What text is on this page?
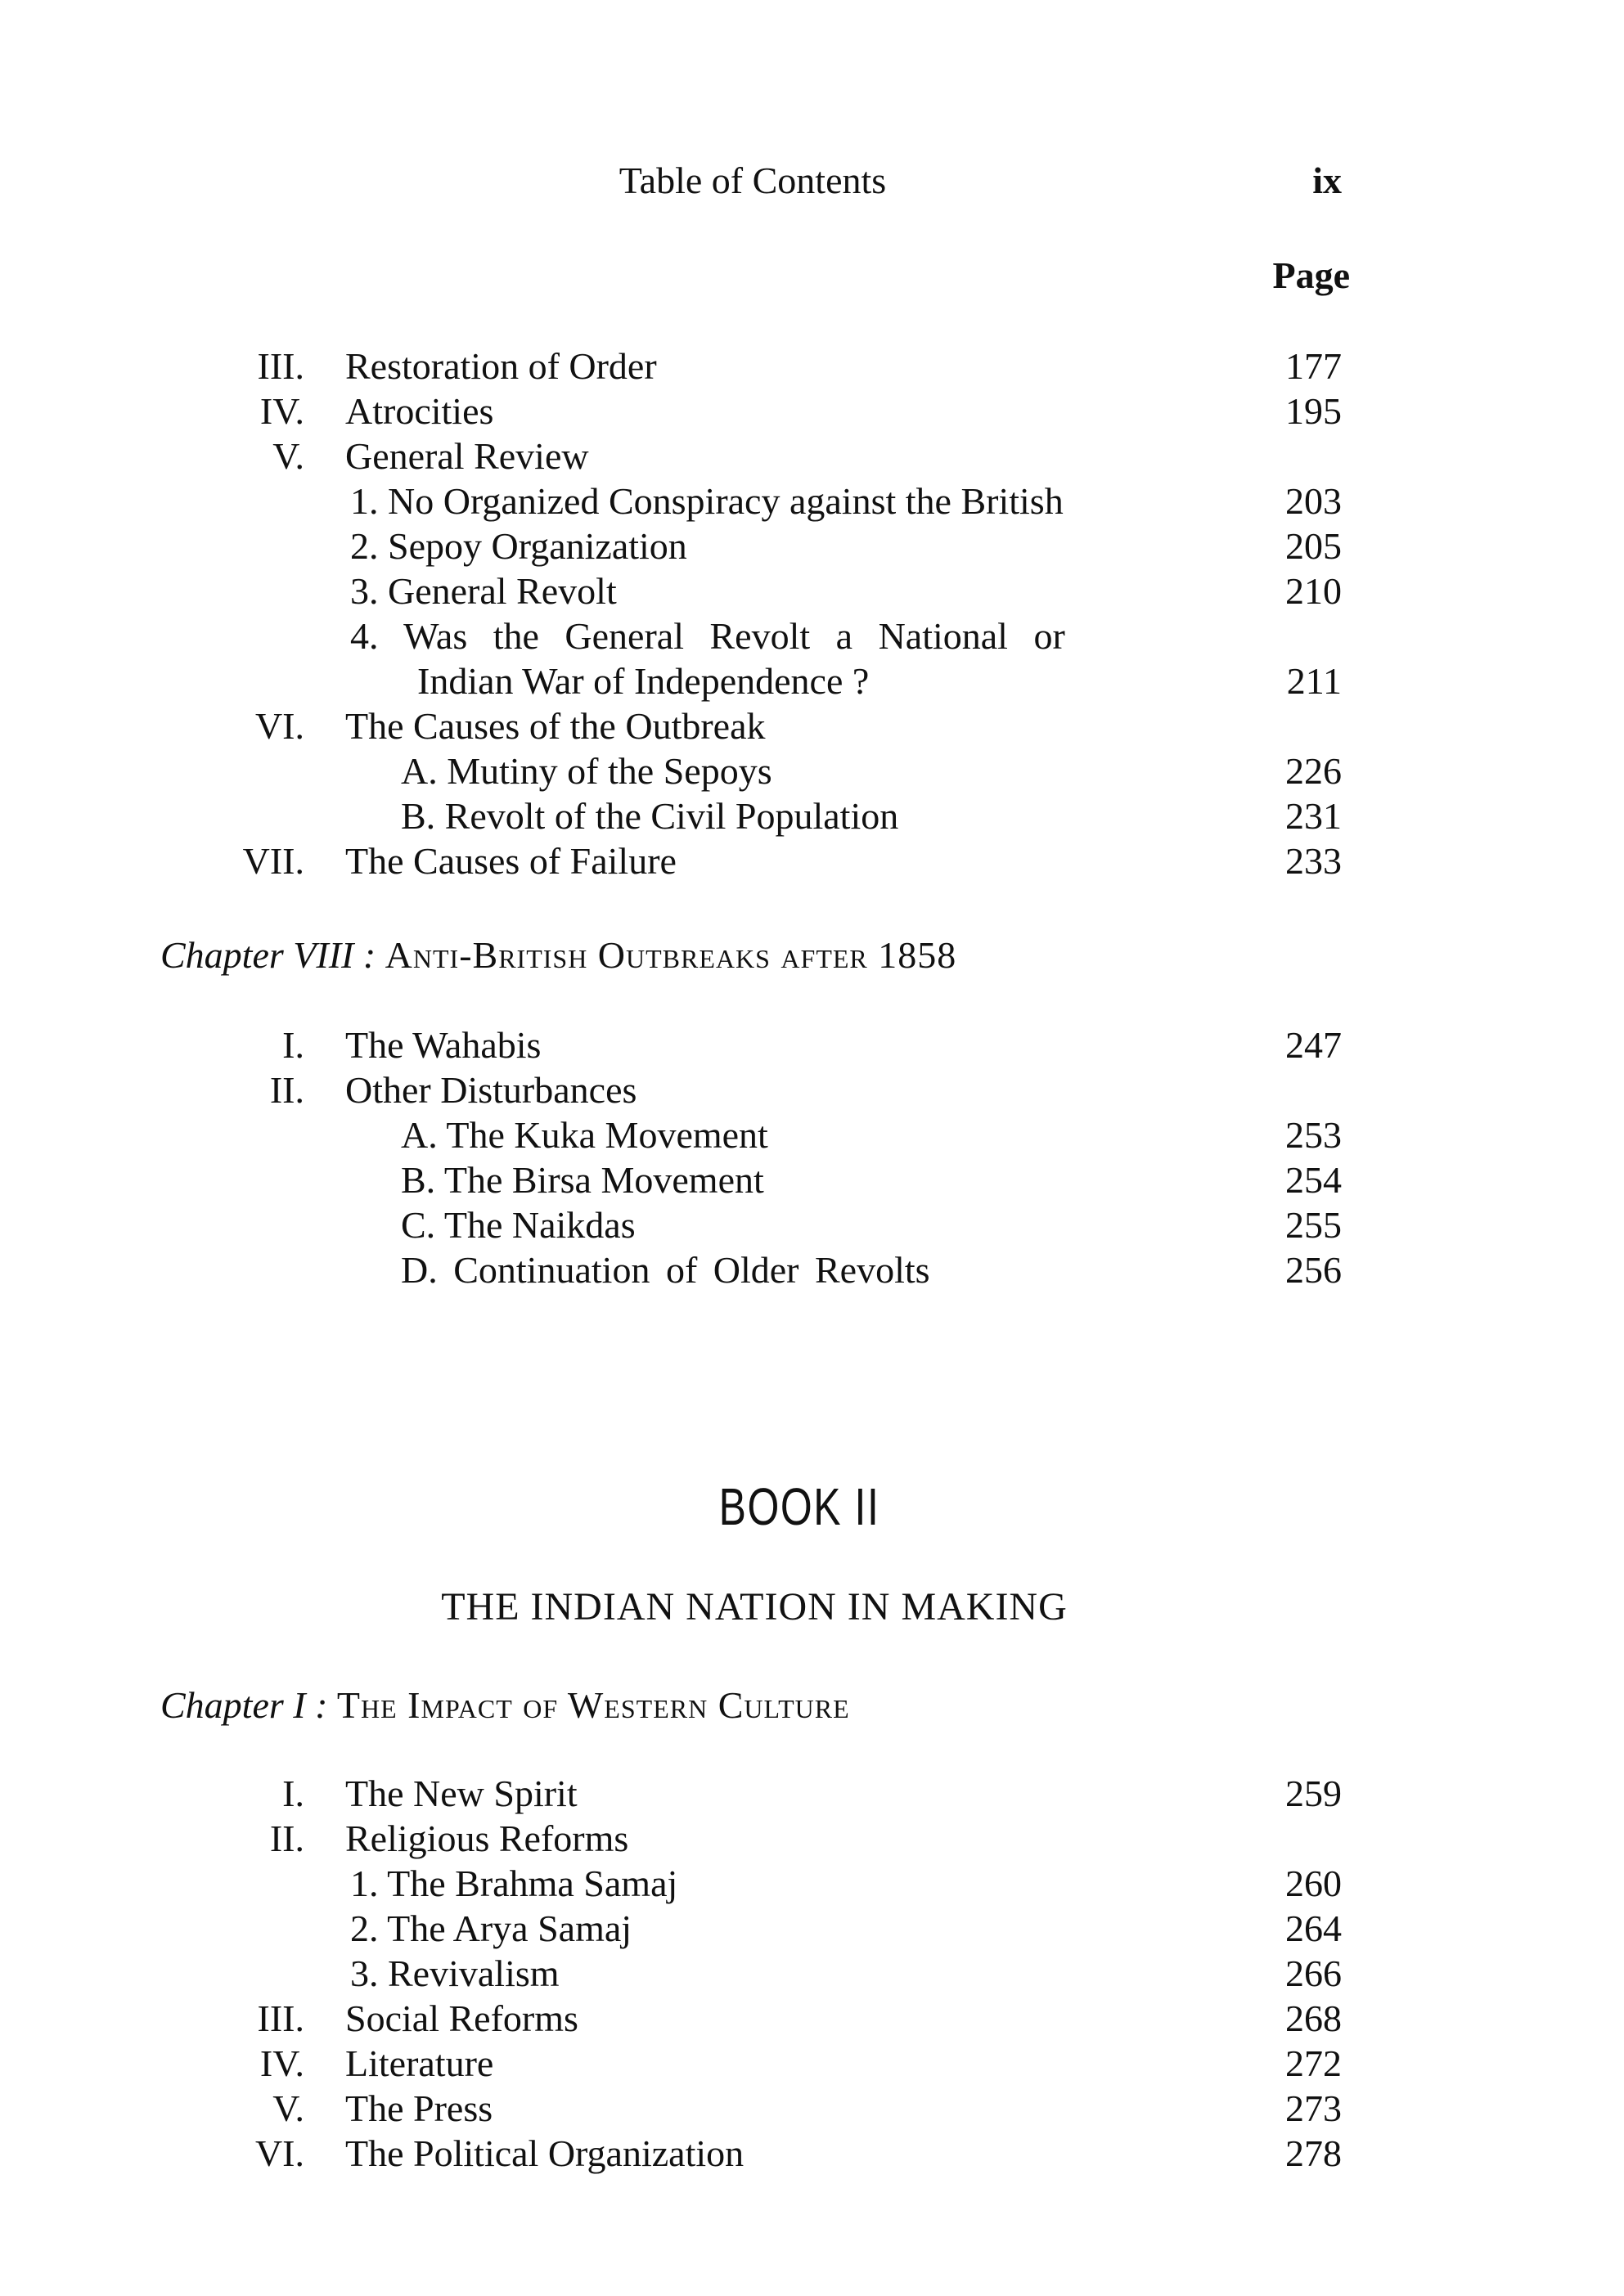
Table of Contents	ix
Page
III. Restoration of Order	177
IV. Atrocities	195
V. General Review
1. No Organized Conspiracy against the British	203
2. Sepoy Organization	205
3. General Revolt	210
4. Was the General Revolt a National or
Indian War of Independence ?	211
VI. The Causes of the Outbreak
A. Mutiny of the Sepoys	226
B. Revolt of the Civil Population	231
VII. The Causes of Failure	233
Chapter VIII : Anti-British Outbreaks after 1858
I. The Wahabis	247
II. Other Disturbances
A. The Kuka Movement	253
B. The Birsa Movement	254
C. The Naikdas	255
D. Continuation of Older Revolts	256
BOOK II
THE INDIAN NATION IN MAKING
Chapter I : The Impact of Western Culture
I. The New Spirit	259
II. Religious Reforms
1. The Brahma Samaj	260
2. The Arya Samaj	264
3. Revivalism	266
III. Social Reforms	268
IV. Literature	272
V. The Press	273
VI. The Political Organization	278
